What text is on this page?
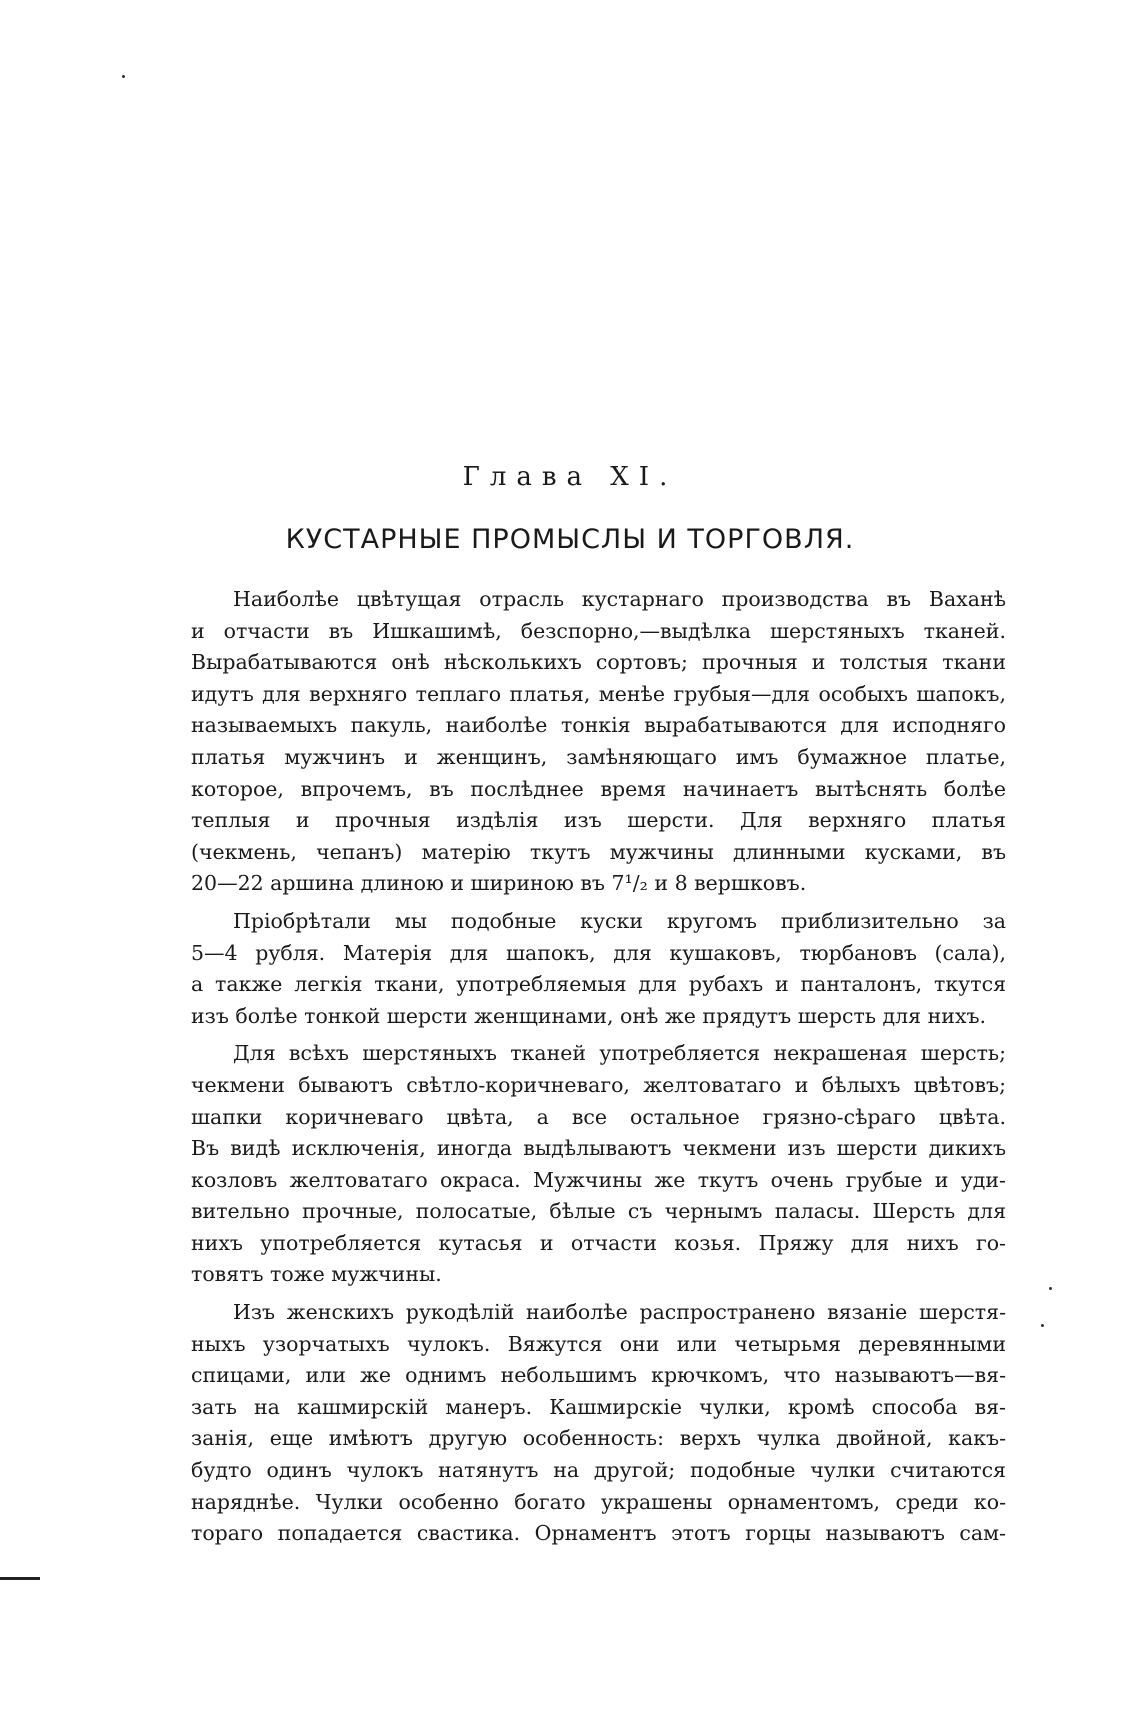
Глава XI.
КУСТАРНЫЕ ПРОМЫСЛЫ И ТОРГОВЛЯ.
Наиболѣе цвѣтущая отрасль кустарнаго производства въ Ваханѣ
и отчасти въ Ишкашимѣ, безспорно,—выдѣлка шерстяныхъ тканей.
Вырабатываются онѣ нѣсколькихъ сортовъ; прочныя и толстыя ткани
идутъ для верхняго теплаго платья, менѣе грубыя—для особыхъ шапокъ,
называемыхъ пакуль, наиболѣе тонкія вырабатываются для исподняго
платья мужчинъ и женщинъ, замѣняющаго имъ бумажное платье,
которое, впрочемъ, въ послѣднее время начинаетъ вытѣснять болѣе
теплыя и прочныя издѣлія изъ шерсти. Для верхняго платья
(чекмень, чепанъ) матерію ткутъ мужчины длинными кусками, въ
20—22 аршина длиною и шириною въ 7¹/₂ и 8 вершковъ.
Пріобрѣтали мы подобные куски кругомъ приблизительно за
5—4 рубля. Матерія для шапокъ, для кушаковъ, тюрбановъ (сала),
а также легкія ткани, употребляемыя для рубахъ и панталонъ, ткутся
изъ болѣе тонкой шерсти женщинами, онѣ же прядутъ шерсть для нихъ.
Для всѣхъ шерстяныхъ тканей употребляется некрашеная шерсть;
чекмени бываютъ свѣтло-коричневаго, желтоватаго и бѣлыхъ цвѣтовъ;
шапки коричневаго цвѣта, а все остальное грязно-сѣраго цвѣта.
Въ видѣ исключенія, иногда выдѣлываютъ чекмени изъ шерсти дикихъ
козловъ желтоватаго окраса. Мужчины же ткутъ очень грубые и уди-
вительно прочные, полосатые, бѣлые съ чернымъ паласы. Шерсть для
нихъ употребляется кутасья и отчасти козья. Пряжу для нихъ го-
товятъ тоже мужчины.
Изъ женскихъ рукодѣлій наиболѣе распространено вязаніе шерстя-
ныхъ узорчатыхъ чулокъ. Вяжутся они или четырьмя деревянными
спицами, или же однимъ небольшимъ крючкомъ, что называютъ—вя-
зать на кашмирскій манеръ. Кашмирскіе чулки, кромѣ способа вя-
занія, еще имѣютъ другую особенность: верхъ чулка двойной, какъ-
будто одинъ чулокъ натянутъ на другой; подобные чулки считаются
наряднѣе. Чулки особенно богато украшены орнаментомъ, среди ко-
тораго попадается свастика. Орнаментъ этотъ горцы называютъ сам-
